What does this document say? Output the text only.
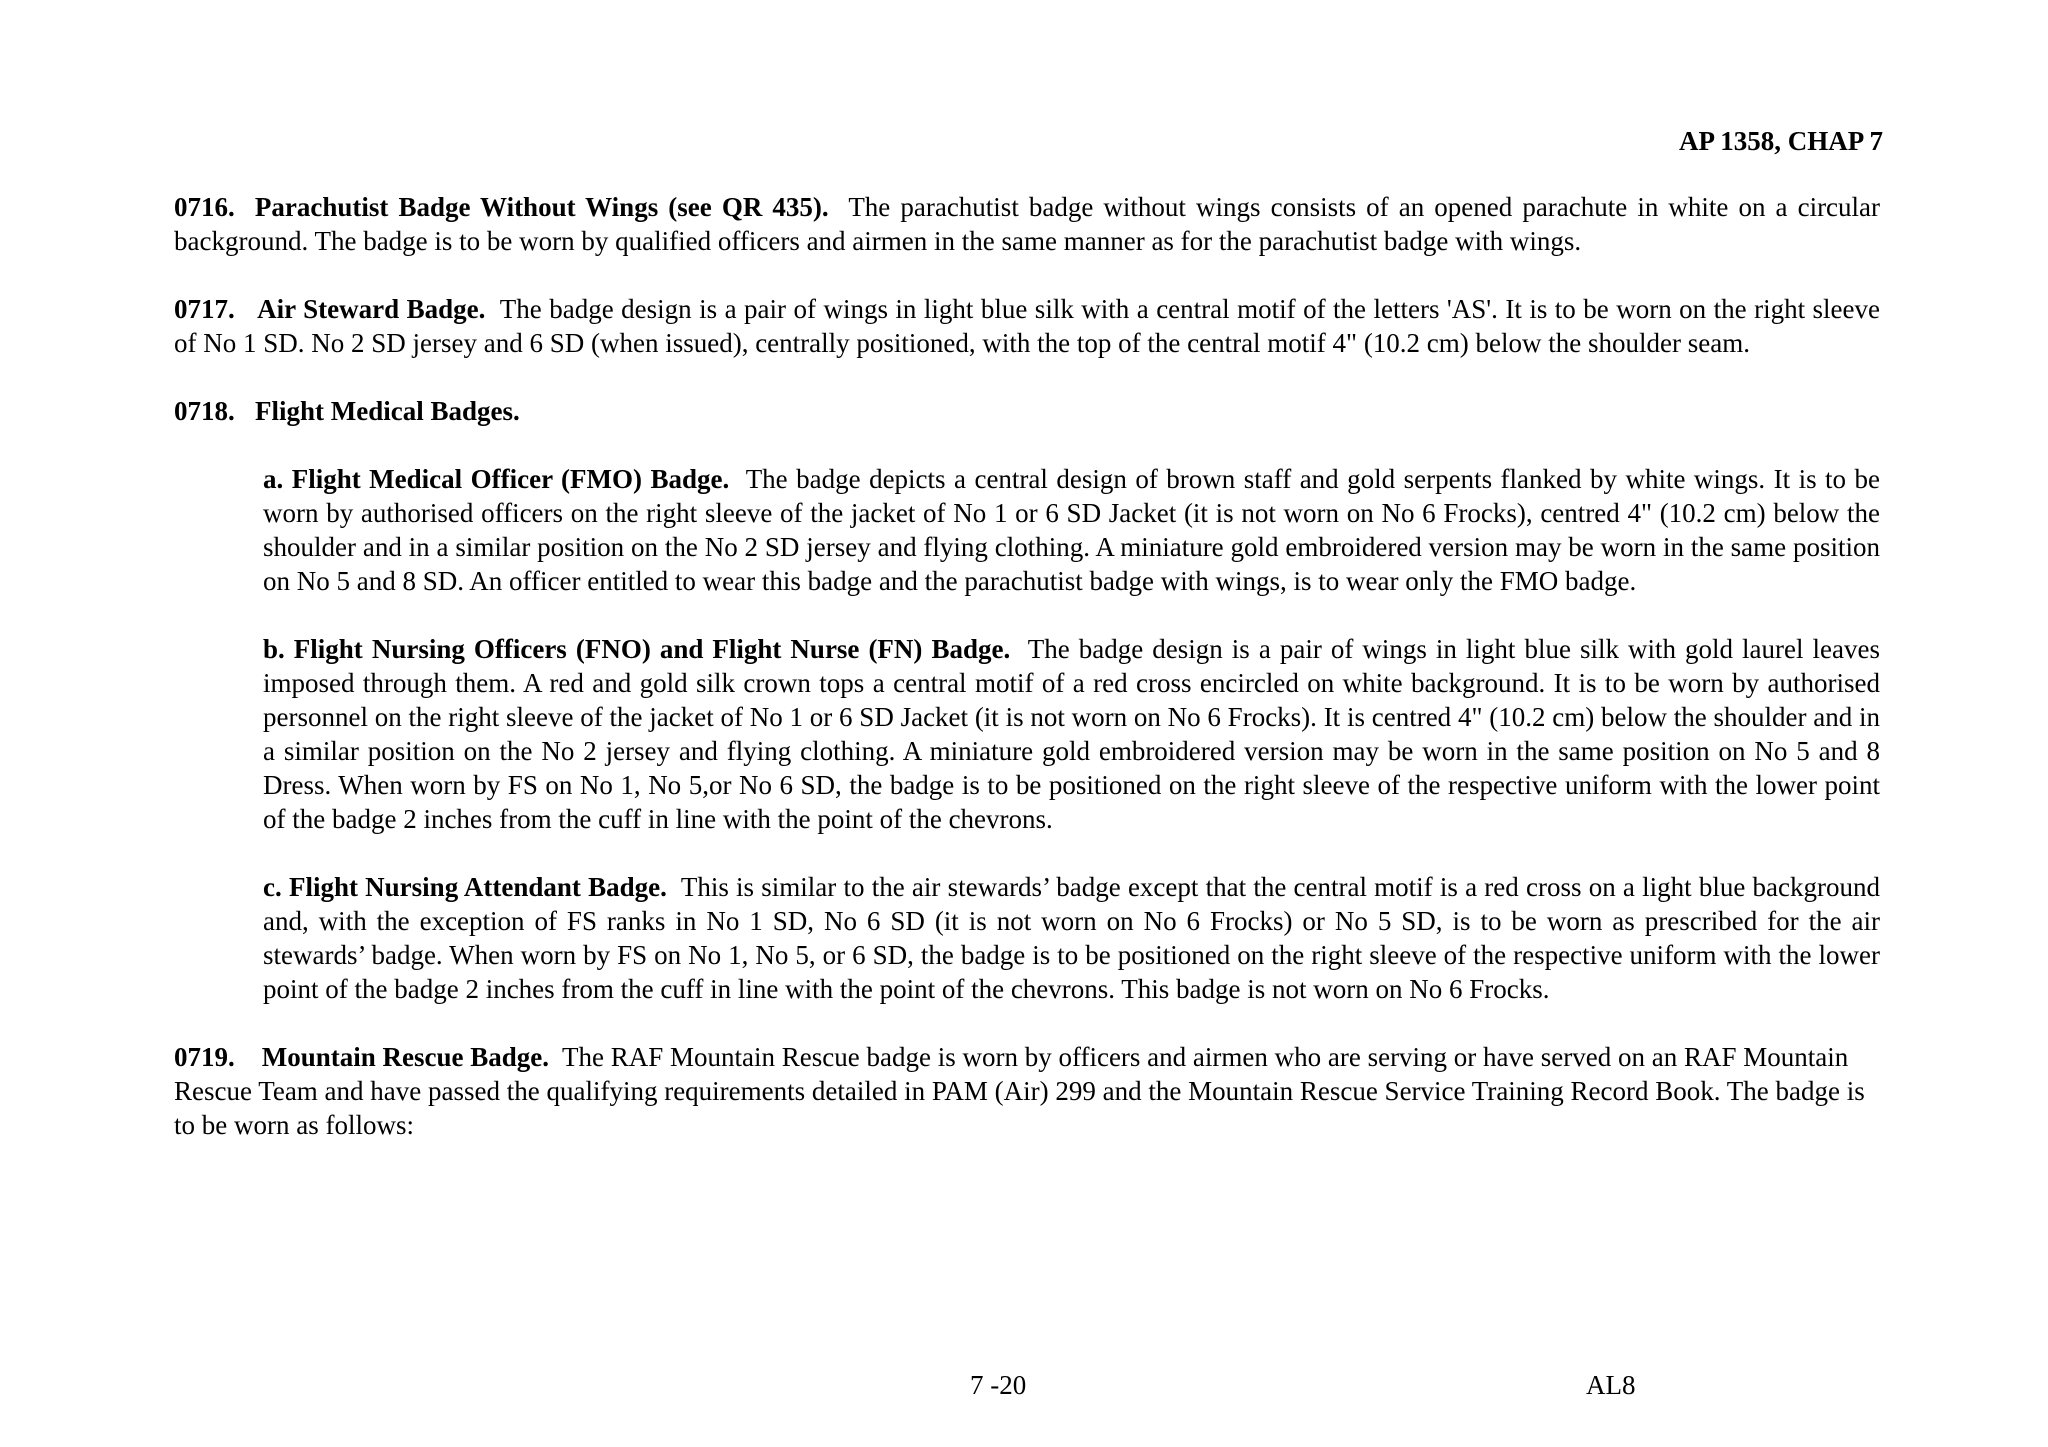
AP 1358, CHAP 7

0716. Parachutist Badge Without Wings (see QR 435). The parachutist badge without wings consists of an opened parachute in white on a circular background. The badge is to be worn by qualified officers and airmen in the same manner as for the parachutist badge with wings.

0717. Air Steward Badge. The badge design is a pair of wings in light blue silk with a central motif of the letters 'AS'. It is to be worn on the right sleeve of No 1 SD. No 2 SD jersey and 6 SD (when issued), centrally positioned, with the top of the central motif 4" (10.2 cm) below the shoulder seam.

0718. Flight Medical Badges.

a. Flight Medical Officer (FMO) Badge. The badge depicts a central design of brown staff and gold serpents flanked by white wings. It is to be worn by authorised officers on the right sleeve of the jacket of No 1 or 6 SD Jacket (it is not worn on No 6 Frocks), centred 4" (10.2 cm) below the shoulder and in a similar position on the No 2 SD jersey and flying clothing. A miniature gold embroidered version may be worn in the same position on No 5 and 8 SD. An officer entitled to wear this badge and the parachutist badge with wings, is to wear only the FMO badge.

b. Flight Nursing Officers (FNO) and Flight Nurse (FN) Badge. The badge design is a pair of wings in light blue silk with gold laurel leaves imposed through them. A red and gold silk crown tops a central motif of a red cross encircled on white background. It is to be worn by authorised personnel on the right sleeve of the jacket of No 1 or 6 SD Jacket (it is not worn on No 6 Frocks). It is centred 4" (10.2 cm) below the shoulder and in a similar position on the No 2 jersey and flying clothing. A miniature gold embroidered version may be worn in the same position on No 5 and 8 Dress. When worn by FS on No 1, No 5,or No 6 SD, the badge is to be positioned on the right sleeve of the respective uniform with the lower point of the badge 2 inches from the cuff in line with the point of the chevrons.

c. Flight Nursing Attendant Badge. This is similar to the air stewards’ badge except that the central motif is a red cross on a light blue background and, with the exception of FS ranks in No 1 SD, No 6 SD (it is not worn on No 6 Frocks) or No 5 SD, is to be worn as prescribed for the air stewards’ badge. When worn by FS on No 1, No 5, or 6 SD, the badge is to be positioned on the right sleeve of the respective uniform with the lower point of the badge 2 inches from the cuff in line with the point of the chevrons. This badge is not worn on No 6 Frocks.

0719. Mountain Rescue Badge. The RAF Mountain Rescue badge is worn by officers and airmen who are serving or have served on an RAF Mountain Rescue Team and have passed the qualifying requirements detailed in PAM (Air) 299 and the Mountain Rescue Service Training Record Book. The badge is to be worn as follows:

7 -20	AL8
